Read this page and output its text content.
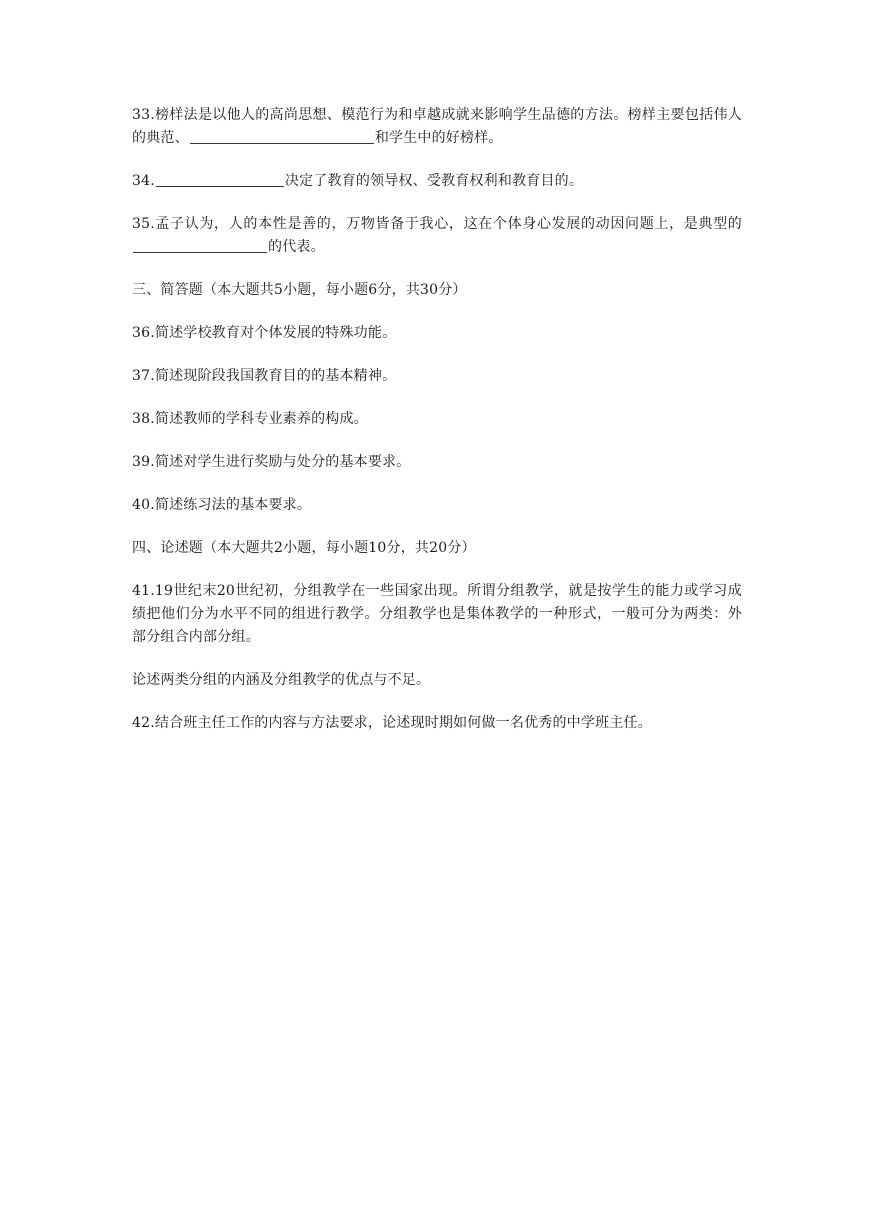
33.榜样法是以他人的高尚思想、模范行为和卓越成就来影响学生品德的方法。榜样主要包括伟人的典范、	和学生中的好榜样。

34.	决定了教育的领导权、受教育权利和教育目的。

35.孟子认为，人的本性是善的，万物皆备于我心，这在个体身心发展的动因问题上，是典型的的代表。

三、简答题（本大题共5小题，每小题6分，共30分）

36.简述学校教育对个体发展的特殊功能。

37.简述现阶段我国教育目的的基本精神。

38.简述教师的学科专业素养的构成。

39.简述对学生进行奖励与处分的基本要求。

40.简述练习法的基本要求。

四、论述题（本大题共2小题，每小题10分，共20分）

41.19世纪末20世纪初，分组教学在一些国家出现。所谓分组教学，就是按学生的能力或学习成绩把他们分为水平不同的组进行教学。分组教学也是集体教学的一种形式，一般可分为两类：外部分组合内部分组。

论述两类分组的内涵及分组教学的优点与不足。

42.结合班主任工作的内容与方法要求，论述现时期如何做一名优秀的中学班主任。
